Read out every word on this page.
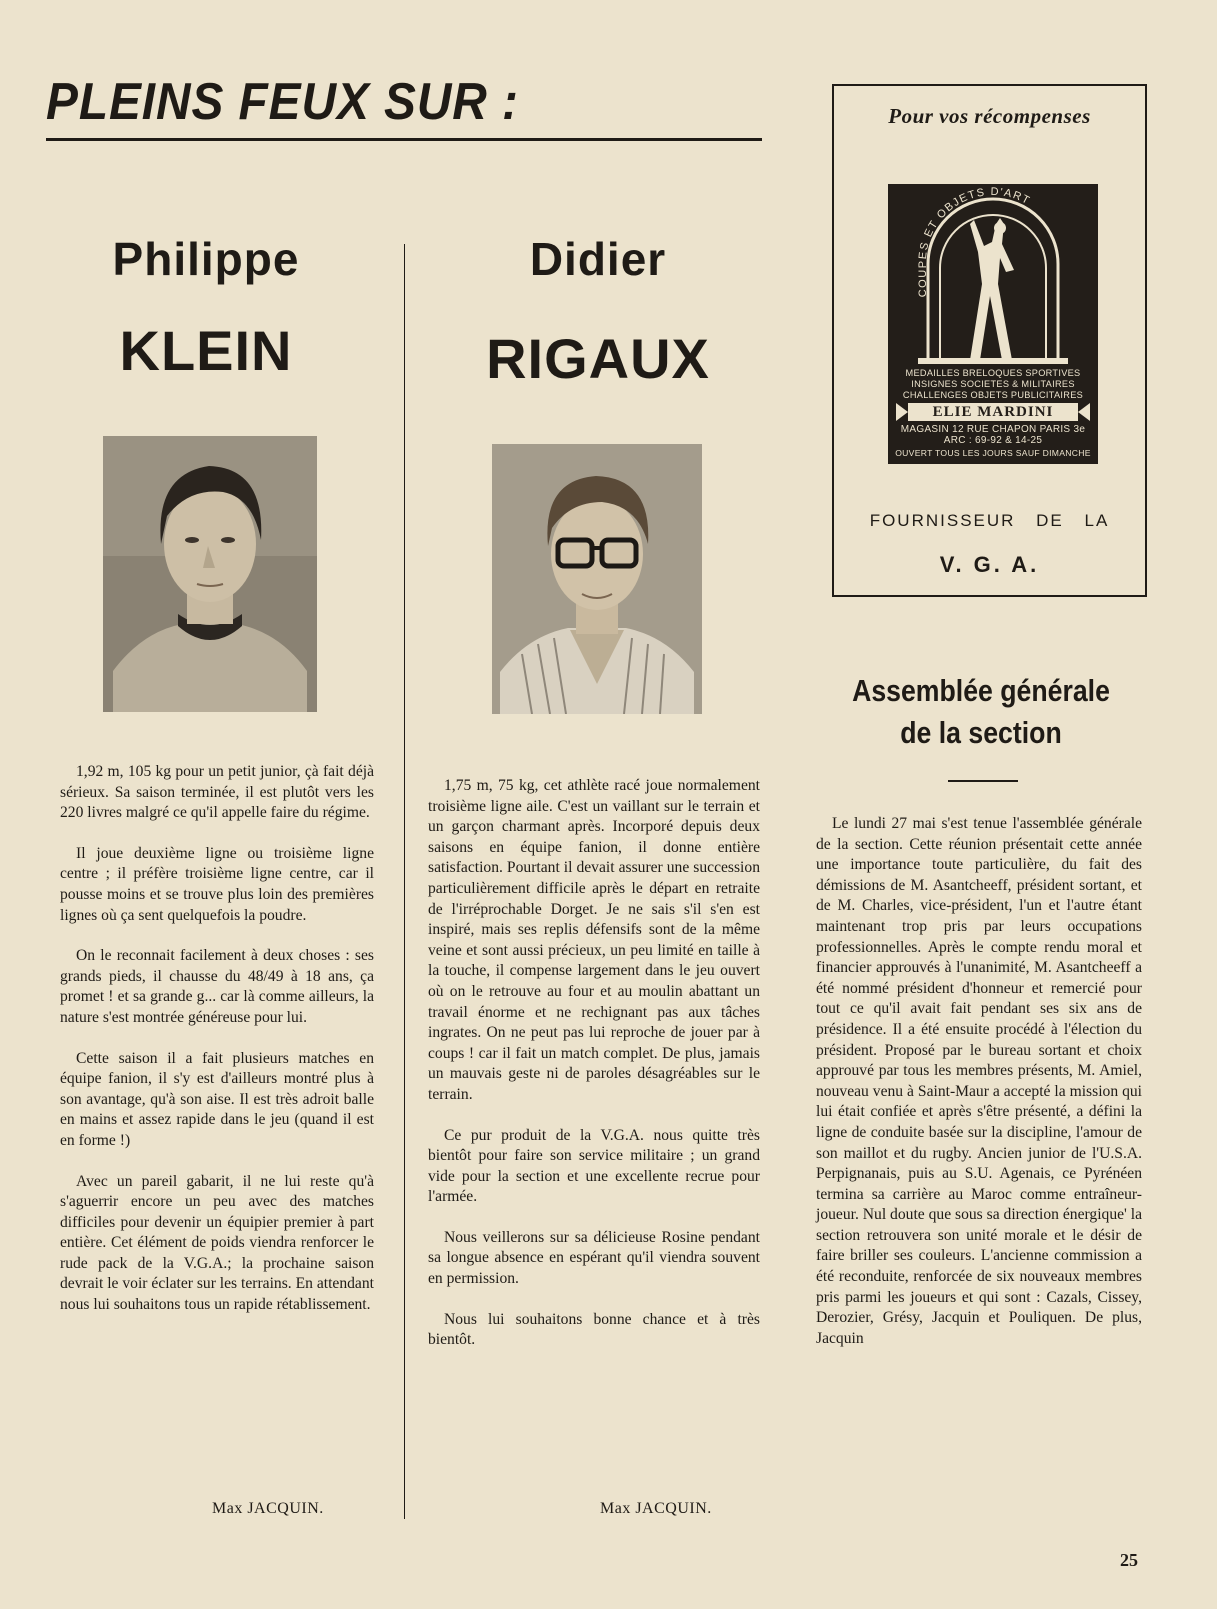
PLEINS FEUX SUR :
Philippe
KLEIN

1,92 m, 105 kg pour un petit junior, çà fait déjà sérieux. Sa saison terminée, il est plutôt vers les 220 livres malgré ce qu'il appelle faire du régime.

Il joue deuxième ligne ou troisième ligne centre ; il préfère troisième ligne centre, car il pousse moins et se trouve plus loin des premières lignes où ça sent quelquefois la poudre.

On le reconnait facilement à deux choses : ses grands pieds, il chausse du 48/49 à 18 ans, ça promet ! et sa grande g... car là comme ailleurs, la nature s'est montrée généreuse pour lui.

Cette saison il a fait plusieurs matches en équipe fanion, il s'y est d'ailleurs montré plus à son avantage, qu'à son aise. Il est très adroit balle en mains et assez rapide dans le jeu (quand il est en forme !)

Avec un pareil gabarit, il ne lui reste qu'à s'aguerrir encore un peu avec des matches difficiles pour devenir un équipier premier à part entière. Cet élément de poids viendra renforcer le rude pack de la V.G.A.; la prochaine saison devrait le voir éclater sur les terrains. En attendant nous lui souhaitons tous un rapide rétablissement.

Max JACQUIN.
Didier
RIGAUX

1,75 m, 75 kg, cet athlète racé joue normalement troisième ligne aile. C'est un vaillant sur le terrain et un garçon charmant après. Incorporé depuis deux saisons en équipe fanion, il donne entière satisfaction. Pourtant il devait assurer une succession particulièrement difficile après le départ en retraite de l'irréprochable Dorget. Je ne sais s'il s'en est inspiré, mais ses replis défensifs sont de la même veine et sont aussi précieux, un peu limité en taille à la touche, il compense largement dans le jeu ouvert où on le retrouve au four et au moulin abattant un travail énorme et ne rechignant pas aux tâches ingrates. On ne peut pas lui reproche de jouer par à coups ! car il fait un match complet. De plus, jamais un mauvais geste ni de paroles désagréables sur le terrain.

Ce pur produit de la V.G.A. nous quitte très bientôt pour faire son service militaire ; un grand vide pour la section et une excellente recrue pour l'armée.

Nous veillerons sur sa délicieuse Rosine pendant sa longue absence en espérant qu'il viendra souvent en permission.

Nous lui souhaitons bonne chance et à très bientôt.

Max JACQUIN.
Pour vos récompenses
COUPES ET OBJETS D'ART
MEDAILLES BRELOQUES SPORTIVES
INSIGNES SOCIETES & MILITAIRES
CHALLENGES OBJETS PUBLICITAIRES
ELIE MARDINI
MAGASIN 12 RUE CHAPON PARIS 3e
ARC : 69-92 & 14-25
OUVERT TOUS LES JOURS SAUF DIMANCHE
FOURNISSEUR DE LA
V. G. A.
Assemblée générale
de la section

Le lundi 27 mai s'est tenue l'assemblée générale de la section. Cette réunion présentait cette année une importance toute particulière, du fait des démissions de M. Asantcheeff, président sortant, et de M. Charles, vice-président, l'un et l'autre étant maintenant trop pris par leurs occupations professionnelles. Après le compte rendu moral et financier approuvés à l'unanimité, M. Asantcheeff a été nommé président d'honneur et remercié pour tout ce qu'il avait fait pendant ses six ans de présidence. Il a été ensuite procédé à l'élection du président. Proposé par le bureau sortant et choix approuvé par tous les membres présents, M. Amiel, nouveau venu à Saint-Maur a accepté la mission qui lui était confiée et après s'être présenté, a défini la ligne de conduite basée sur la discipline, l'amour de son maillot et du rugby. Ancien junior de l'U.S.A. Perpignanais, puis au S.U. Agenais, ce Pyrénéen termina sa carrière au Maroc comme entraîneur-joueur. Nul doute que sous sa direction énergique' la section retrouvera son unité morale et le désir de faire briller ses couleurs. L'ancienne commission a été reconduite, renforcée de six nouveaux membres pris parmi les joueurs et qui sont : Cazals, Cissey, Derozier, Grésy, Jacquin et Pouliquen. De plus, Jacquin

25
